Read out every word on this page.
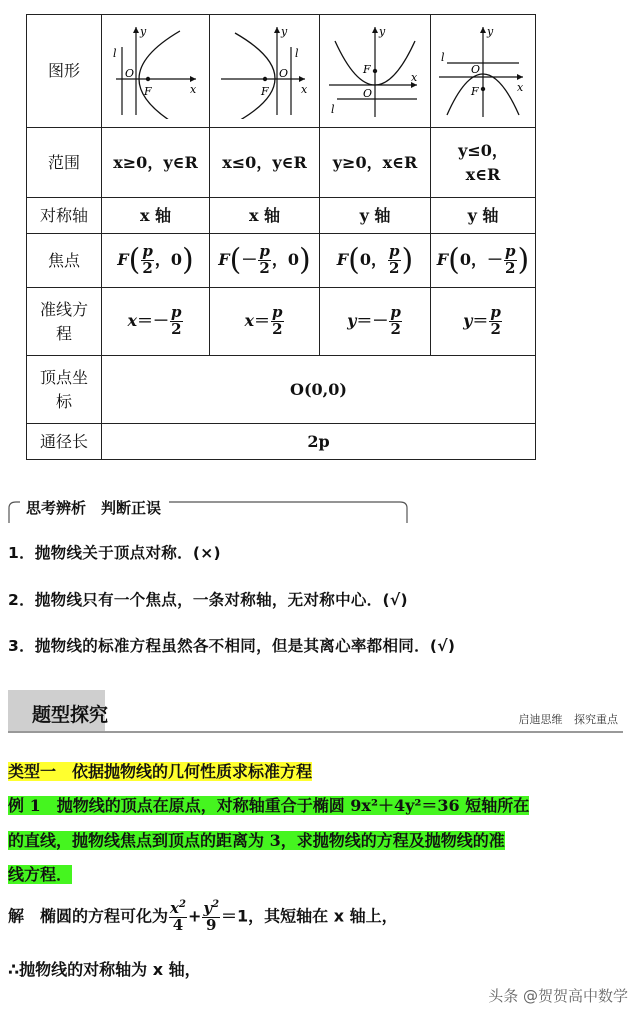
图形	y
x
O
F
l	y
x
O
F
l	y
x
O
F
l	y
x
O
F
l

范围	x≥0，y∈R	x≤0，y∈R	y≥0，x∈R	y≤0，x∈R
对称轴	x 轴	x 轴	y 轴	y 轴
焦点	$F( \frac{p}{2}$ ，0)	$F(- \frac{p}{2}$ ，0)	F(0， $\frac{p}{2}$ )	F(0，－ $\frac{p}{2}$ )
准线方
程	$x=- \frac{p}{2}$	$x= \frac{p}{2}$	$y=- \frac{p}{2}$	$y= \frac{p}{2}$

顶点坐
标	O(0,0)			
通径长	2p			
思考辨析　判断正误
1．抛物线关于顶点对称．(×)
2．抛物线只有一个焦点，一条对称轴，无对称中心．(√)
3．抛物线的标准方程虽然各不相同，但是其离心率都相同．(√)
题型探究	启迪思维 探究重点
类型一　依据抛物线的几何性质求标准方程
例 1　抛物线的顶点在原点，对称轴重合于椭圆 9x²＋4y²＝36 短轴所在
的直线，抛物线焦点到顶点的距离为 3，求抛物线的方程及抛物线的准
线方程．
解　椭圆的方程可化为 $\frac{x^2}{4} + \frac{y^2}{9} =1$，其短轴在 x 轴上，
∴抛物线的对称轴为 x 轴，
头条 @贺贺高中数学
